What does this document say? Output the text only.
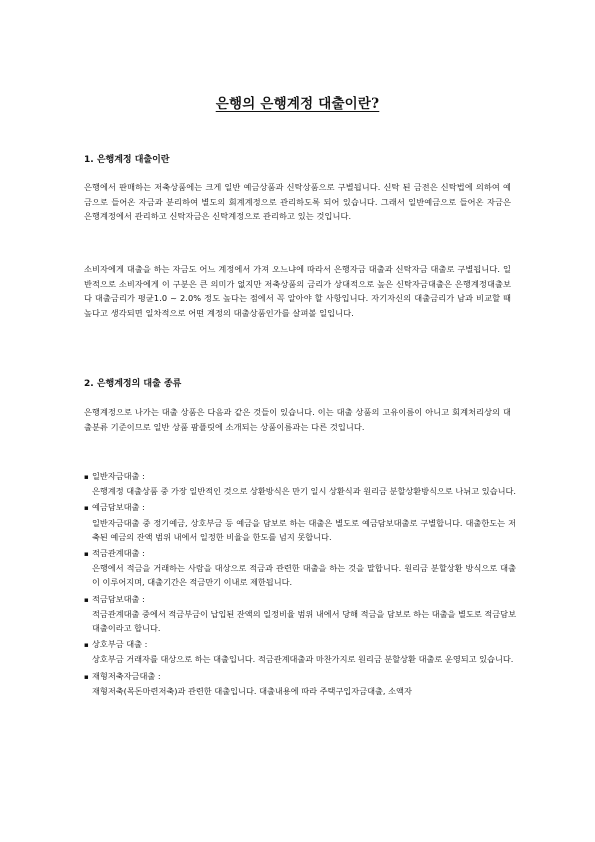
은행의 은행계정 대출이란?
1. 은행계정 대출이란

은행에서 판매하는 저축상품에는 크게 일반 예금상품과 신탁상품으로 구별됩니다. 신탁 된 금전은 신탁법에 의하여 예금으로 들어온 자금과 분리하여 별도의 회계계정으로 관리하도록 되어 있습니다. 그래서 일반예금으로 들어온 자금은 은행계정에서 관리하고 신탁자금은 신탁계정으로 관리하고 있는 것입니다.

소비자에게 대출을 하는 자금도 어느 계정에서 가져 오느냐에 따라서 은행자금 대출과 신탁자금 대출로 구별됩니다. 일반적으로 소비자에게 이 구분은 큰 의미가 없지만 저축상품의 금리가 상대적으로 높은 신탁자금대출은 은행계정대출보다 대출금리가 평균1.0 ~ 2.0% 정도 높다는 점에서 꼭 알아야 할 사항입니다. 자기자신의 대출금리가 남과 비교할 때 높다고 생각되면 일차적으로 어떤 계정의 대출상품인가를 살펴볼 일입니다.

2. 은행계정의 대출 종류

은행계정으로 나가는 대출 상품은 다음과 같은 것들이 있습니다. 이는 대출 상품의 고유이름이 아니고 회계처리상의 대출분류 기준이므로 일반 상품 팜플릿에 소개되는 상품이름과는 다른 것입니다.

▪ 일반자금대출 :
은행계정 대출상품 중 가장 일반적인 것으로 상환방식은 만기 일시 상환식과 원리금 분할상환방식으로 나뉘고 있습니다.
▪ 예금담보대출 :
일반자금대출 중 정기예금, 상호부금 등 예금을 담보로 하는 대출은 별도로 예금담보대출로 구별합니다. 대출한도는 저축된 예금의 잔액 범위 내에서 일정한 비율을 한도를 넘지 못합니다.
▪ 적금관계대출 :
은행에서 적금을 거래하는 사람을 대상으로 적금과 관련한 대출을 하는 것을 말합니다. 원리금 분할상환 방식으로 대출이 이루어지며, 대출기간은 적금만기 이내로 제한됩니다.
▪ 적금담보대출 :
적금관계대출 중에서 적금부금이 납입된 잔액의 일정비율 범위 내에서 당해 적금을 담보로 하는 대출을 별도로 적금담보대출이라고 합니다.
▪ 상호부금 대출 :
상호부금 거래자를 대상으로 하는 대출입니다. 적금관계대출과 마찬가지로 원리금 분할상환 대출로 운영되고 있습니다.
▪ 재형저축자금대출 :
재형저축(목돈마련저축)과 관련한 대출입니다. 대출내용에 따라 주택구입자금대출, 소액자
